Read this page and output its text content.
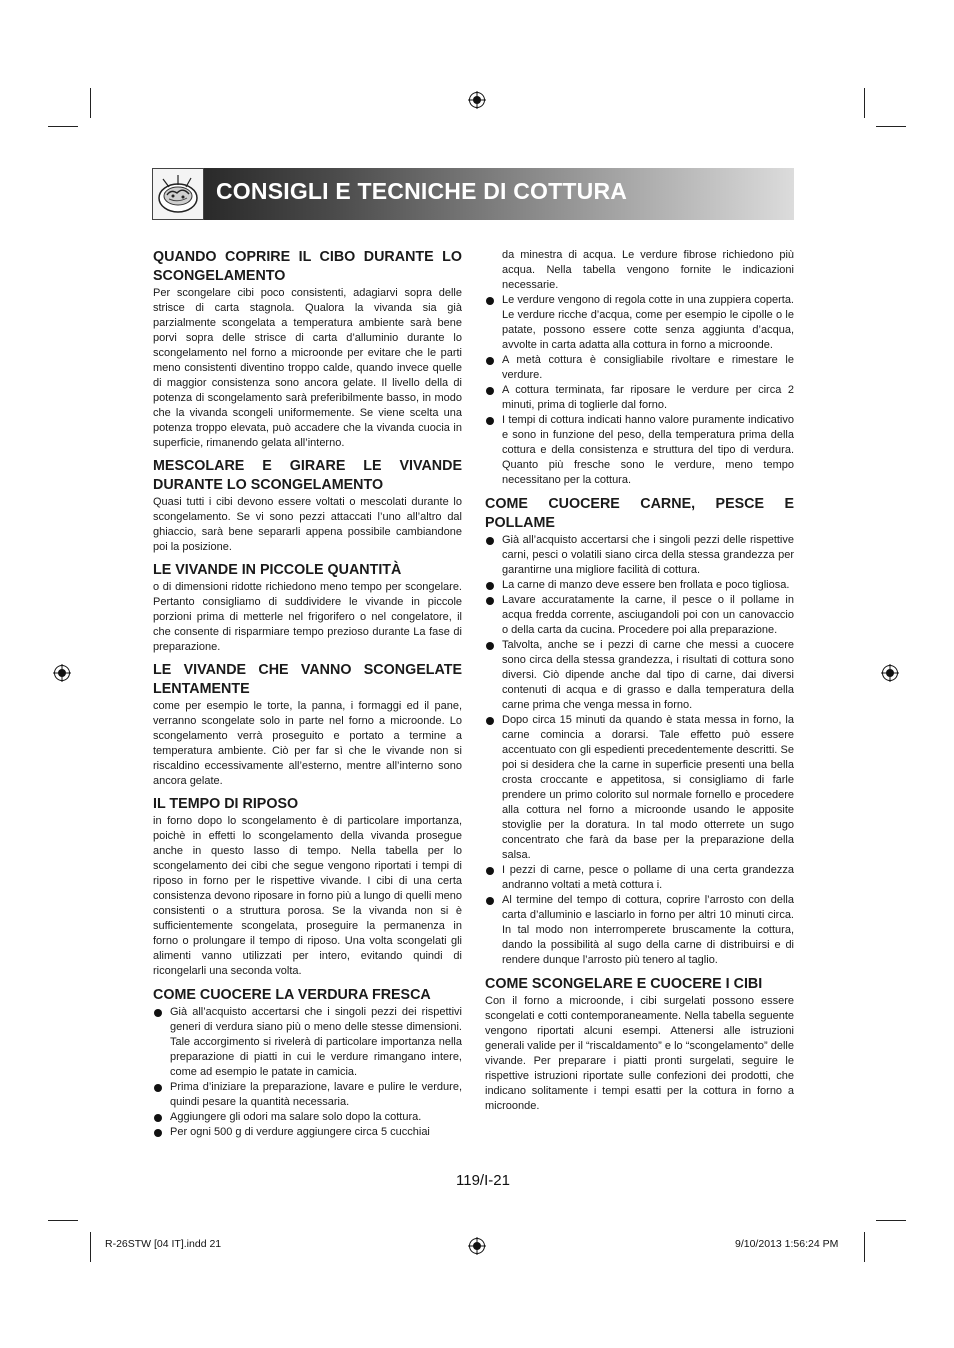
CONSIGLI E TECNICHE DI COTTURA
QUANDO COPRIRE IL CIBO DURANTE LO SCONGELAMENTO

Per scongelare cibi poco consistenti, adagiarvi sopra delle strisce di carta stagnola. Qualora la vivanda sia già parzialmente scongelata a temperatura ambiente sarà bene porvi sopra delle strisce di carta d’alluminio durante lo scongelamento nel forno a microonde per evitare che le parti meno consistenti diventino troppo calde, quando invece quelle di maggior consistenza sono ancora gelate. Il livello della di potenza di scongelamento sarà preferibilmente basso, in modo che la vivanda scongeli uniformemente. Se viene scelta una potenza troppo elevata, può accadere che la vivanda cuocia in superficie, rimanendo gelata all’interno.

MESCOLARE E GIRARE LE VIVANDE DURANTE LO SCONGELAMENTO

Quasi tutti i cibi devono essere voltati o mescolati durante lo scongelamento. Se vi sono pezzi attaccati l’uno all’altro dal ghiaccio, sarà bene separarli appena possibile cambiandone poi la posizione.

LE VIVANDE IN PICCOLE QUANTITÀ

o di dimensioni ridotte richiedono meno tempo per scongelare. Pertanto consigliamo di suddividere le vivande in piccole porzioni prima di metterle nel frigorifero o nel congelatore, il che consente di risparmiare tempo prezioso durante La fase di preparazione.

LE VIVANDE CHE VANNO SCONGELATE LENTAMENTE

come per esempio le torte, la panna, i formaggi ed il pane, verranno scongelate solo in parte nel forno a microonde. Lo scongelamento verrà proseguito e portato a termine a temperatura ambiente. Ciò per far sì che le vivande non si riscaldino eccessivamente all’esterno, mentre all’interno sono ancora gelate.

IL TEMPO DI RIPOSO

in forno dopo lo scongelamento è di particolare importanza, poichè in effetti lo scongelamento della vivanda prosegue anche in questo lasso di tempo. Nella tabella per lo scongelamento dei cibi che segue vengono riportati i tempi di riposo in forno per le rispettive vivande. I cibi di una certa consistenza devono riposare in forno più a lungo di quelli meno consistenti o a struttura porosa. Se la vivanda non si è sufficientemente scongelata, proseguire la permanenza in forno o prolungare il tempo di riposo. Una volta scongelati gli alimenti vanno utilizzati per intero, evitando quindi di ricongelarli una seconda volta.

COME CUOCERE LA VERDURA FRESCA
Già all’acquisto accertarsi che i singoli pezzi dei rispettivi generi di verdura siano più o meno delle stesse dimensioni. Tale accorgimento si rivelerà di particolare importanza nella preparazione di piatti in cui le verdure rimangano intere, come ad esempio le patate in camicia.
Prima d’iniziare la preparazione, lavare e pulire le verdure, quindi pesare la quantità necessaria.
Aggiungere gli odori ma salare solo dopo la cottura.
Per ogni 500 g di verdure aggiungere circa 5 cucchiai
da minestra di acqua. Le verdure fibrose richiedono più acqua. Nella tabella vengono fornite le indicazioni necessarie.
Le verdure vengono di regola cotte in una zuppiera coperta. Le verdure ricche d’acqua, come per esempio le cipolle o le patate, possono essere cotte senza aggiunta d’acqua, avvolte in carta adatta alla cottura in forno a microonde.
A metà cottura è consigliabile rivoltare e rimestare le verdure.
A cottura terminata, far riposare le verdure per circa 2 minuti, prima di toglierle dal forno.
I tempi di cottura indicati hanno valore puramente indicativo e sono in funzione del peso, della temperatura prima della cottura e della consistenza e struttura del tipo di verdura. Quanto più fresche sono le verdure, meno tempo necessitano per la cottura.
COME CUOCERE CARNE, PESCE E POLLAME
Già all’acquisto accertarsi che i singoli pezzi delle rispettive carni, pesci o volatili siano circa della stessa grandezza per garantirne una migliore facilità di cottura.
La carne di manzo deve essere ben frollata e poco tigliosa.
Lavare accuratamente la carne, il pesce o il pollame in acqua fredda corrente, asciugandoli poi con un canovaccio o della carta da cucina. Procedere poi alla preparazione.
Talvolta, anche se i pezzi di carne che messi a cuocere sono circa della stessa grandezza, i risultati di cottura sono diversi. Ciò dipende anche dal tipo di carne, dai diversi contenuti di acqua e di grasso e dalla temperatura della carne prima che venga messa in forno.
Dopo circa 15 minuti da quando è stata messa in forno, la carne comincia a dorarsi. Tale effetto può essere accentuato con gli espedienti precedentemente descritti. Se poi si desidera che la carne in superficie presenti una bella crosta croccante e appetitosa, si consigliamo di farle prendere un primo colorito sul normale fornello e procedere alla cottura nel forno a microonde usando le apposite stoviglie per la doratura. In tal modo otterrete un sugo concentrato che farà da base per la preparazione della salsa.
I pezzi di carne, pesce o pollame di una certa grandezza andranno voltati a metà cottura i.
Al termine del tempo di cottura, coprire l’arrosto con della carta d’alluminio e lasciarlo in forno per altri 10 minuti circa. In tal modo non interromperete bruscamente la cottura, dando la possibilità al sugo della carne di distribuirsi e di rendere dunque l’arrosto più tenero al taglio.
COME SCONGELARE E CUOCERE I CIBI

Con il forno a microonde, i cibi surgelati possono essere scongelati e cotti contemporaneamente. Nella tabella seguente vengono riportati alcuni esempi. Attenersi alle istruzioni generali valide per il “riscaldamento” e lo “scongelamento” delle vivande. Per preparare i piatti pronti surgelati, seguire le rispettive istruzioni riportate sulle confezioni dei prodotti, che indicano solitamente i tempi esatti per la cottura in forno a microonde.

119/I-21
R-26STW [04 IT].indd 21	9/10/2013 1:56:24 PM
